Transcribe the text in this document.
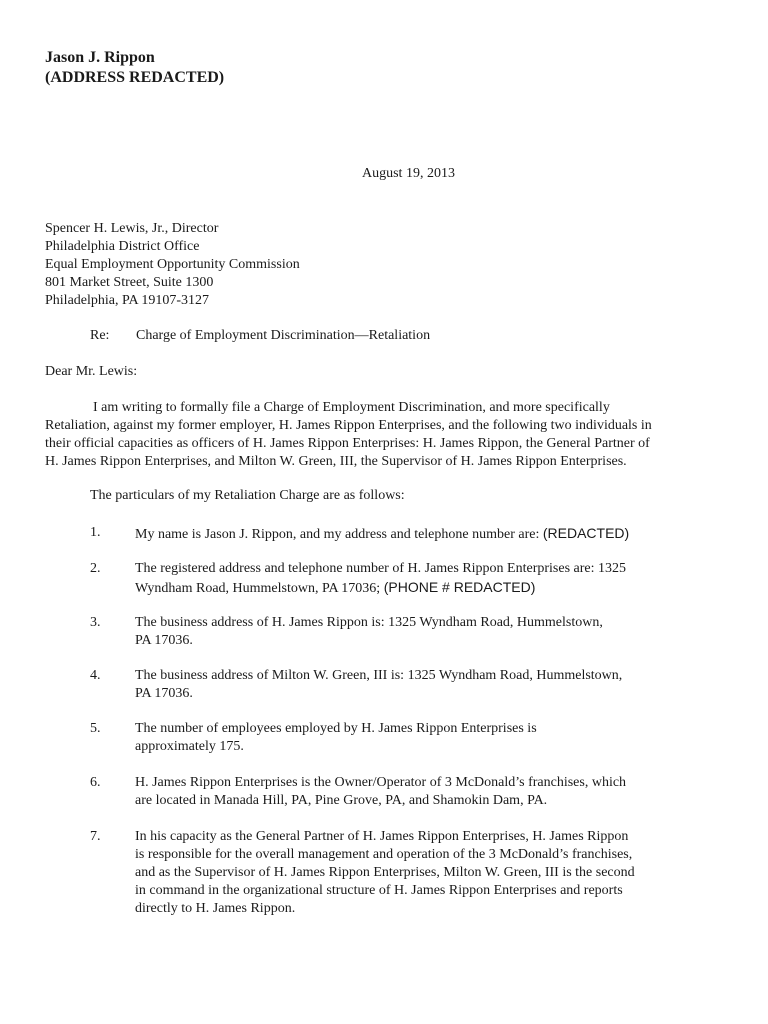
Jason J. Rippon
(ADDRESS REDACTED)
August 19, 2013
Spencer H. Lewis, Jr., Director
Philadelphia District Office
Equal Employment Opportunity Commission
801 Market Street, Suite 1300
Philadelphia, PA 19107-3127
Re: Charge of Employment Discrimination—Retaliation
Dear Mr. Lewis:
I am writing to formally file a Charge of Employment Discrimination, and more specifically
Retaliation, against my former employer, H. James Rippon Enterprises, and the following two individuals in
their official capacities as officers of H. James Rippon Enterprises: H. James Rippon, the General Partner of
H. James Rippon Enterprises, and Milton W. Green, III, the Supervisor of H. James Rippon Enterprises.
The particulars of my Retaliation Charge are as follows:
1.	My name is Jason J. Rippon, and my address and telephone number are: (REDACTED)
2.	The registered address and telephone number of H. James Rippon Enterprises are: 1325
Wyndham Road, Hummelstown, PA 17036; (PHONE # REDACTED)
3.	The business address of H. James Rippon is: 1325 Wyndham Road, Hummelstown,
PA 17036.
4.	The business address of Milton W. Green, III is: 1325 Wyndham Road, Hummelstown,
PA 17036.
5.	The number of employees employed by H. James Rippon Enterprises is
approximately 175.
6.	H. James Rippon Enterprises is the Owner/Operator of 3 McDonald’s franchises, which
are located in Manada Hill, PA, Pine Grove, PA, and Shamokin Dam, PA.
7.	In his capacity as the General Partner of H. James Rippon Enterprises, H. James Rippon
is responsible for the overall management and operation of the 3 McDonald’s franchises,
and as the Supervisor of H. James Rippon Enterprises, Milton W. Green, III is the second
in command in the organizational structure of H. James Rippon Enterprises and reports
directly to H. James Rippon.
